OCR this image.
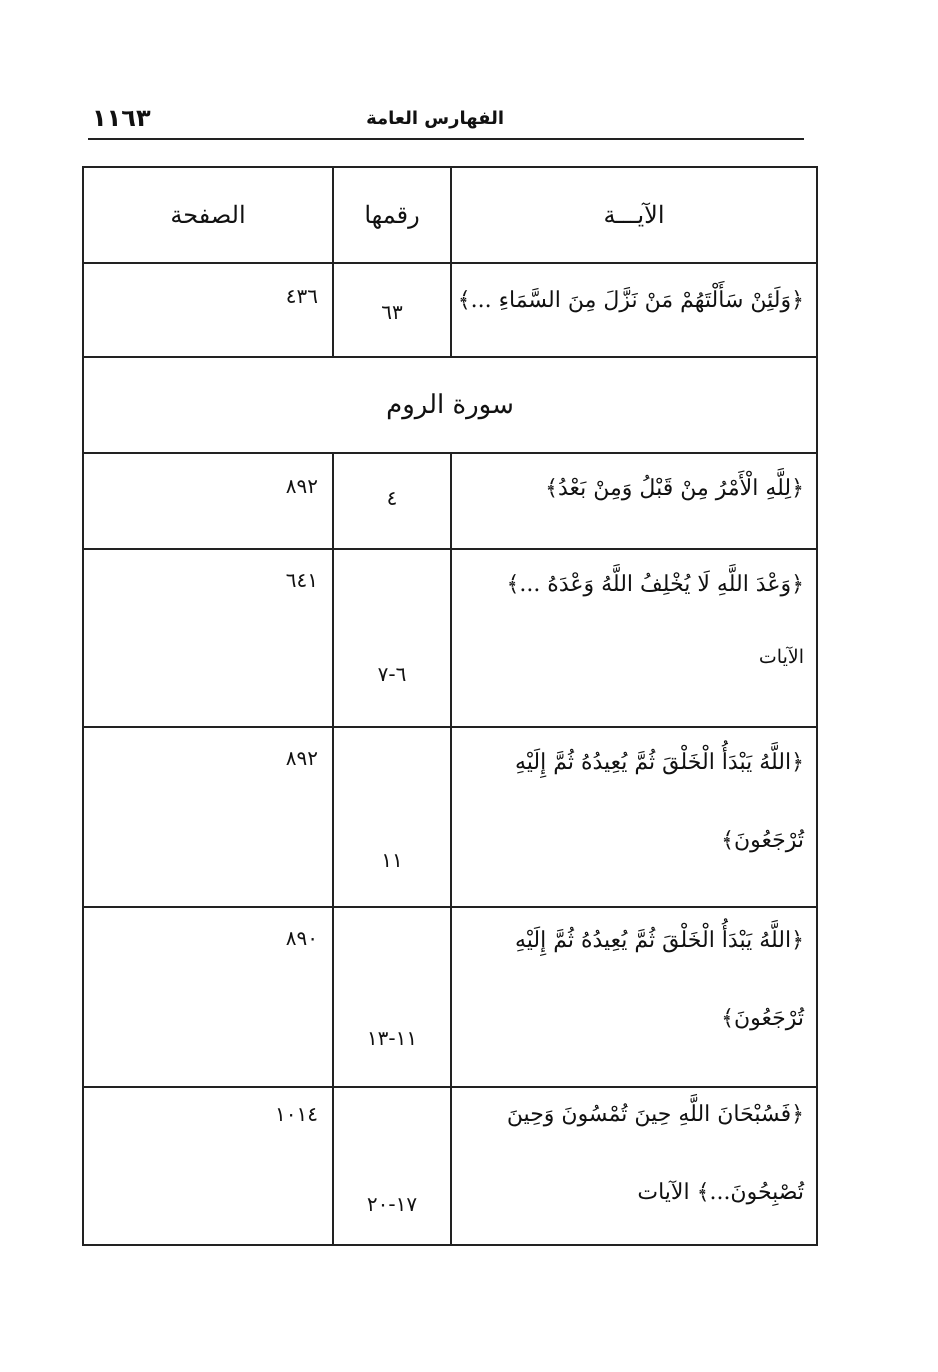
الفهارس العامة
١١٦٣
الآيـــة
رقمها
الصفحة
﴿وَلَئِنْ سَأَلْتَهُمْ مَنْ نَزَّلَ مِنَ السَّمَاءِ ...﴾
٦٣
٤٣٦
سورة الروم
﴿لِلَّهِ الْأَمْرُ مِنْ قَبْلُ وَمِنْ بَعْدُ﴾
٤
٨٩٢
﴿وَعْدَ اللَّهِ لَا يُخْلِفُ اللَّهُ وَعْدَهُ ...﴾
الآيات
٦-٧
٦٤١
﴿اللَّهُ يَبْدَأُ الْخَلْقَ ثُمَّ يُعِيدُهُ ثُمَّ إِلَيْهِ
تُرْجَعُونَ﴾
١١
٨٩٢
﴿اللَّهُ يَبْدَأُ الْخَلْقَ ثُمَّ يُعِيدُهُ ثُمَّ إِلَيْهِ
تُرْجَعُونَ﴾
١١-١٣
٨٩٠
﴿فَسُبْحَانَ اللَّهِ حِينَ تُمْسُونَ وَحِينَ
تُصْبِحُونَ...﴾ الآيات
١٧-٢٠
١٠١٤
